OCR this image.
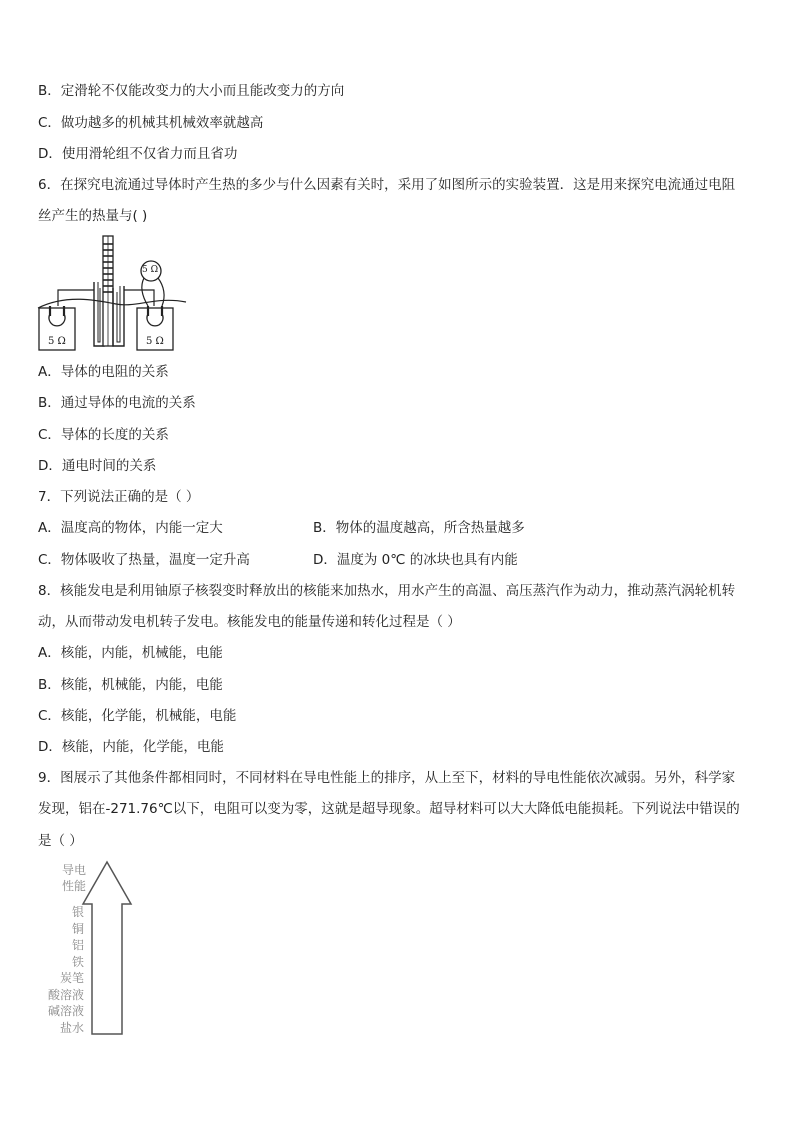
B．定滑轮不仅能改变力的大小而且能改变力的方向
C．做功越多的机械其机械效率就越高
D．使用滑轮组不仅省力而且省功
6．在探究电流通过导体时产生热的多少与什么因素有关时，采用了如图所示的实验装置．这是用来探究电流通过电阻
丝产生的热量与( )
5 Ω	5 Ω
5 Ω
A．导体的电阻的关系
B．通过导体的电流的关系
C．导体的长度的关系
D．通电时间的关系
7．下列说法正确的是（ ）
A．温度高的物体，内能一定大	B．物体的温度越高，所含热量越多
C．物体吸收了热量，温度一定升高	D．温度为 0℃ 的冰块也具有内能
8．核能发电是利用铀原子核裂变时释放出的核能来加热水，用水产生的高温、高压蒸汽作为动力，推动蒸汽涡轮机转
动，从而带动发电机转子发电。核能发电的能量传递和转化过程是（ ）
A．核能，内能，机械能，电能
B．核能，机械能，内能，电能
C．核能，化学能，机械能，电能
D．核能，内能，化学能，电能
9．图展示了其他条件都相同时，不同材料在导电性能上的排序，从上至下，材料的导电性能依次减弱。另外，科学家
发现，铝在-271.76℃以下，电阻可以变为零，这就是超导现象。超导材料可以大大降低电能损耗。下列说法中错误的
是（ ）
导电
性能
银
铜
铝
铁
炭笔
酸溶液
碱溶液
盐水
